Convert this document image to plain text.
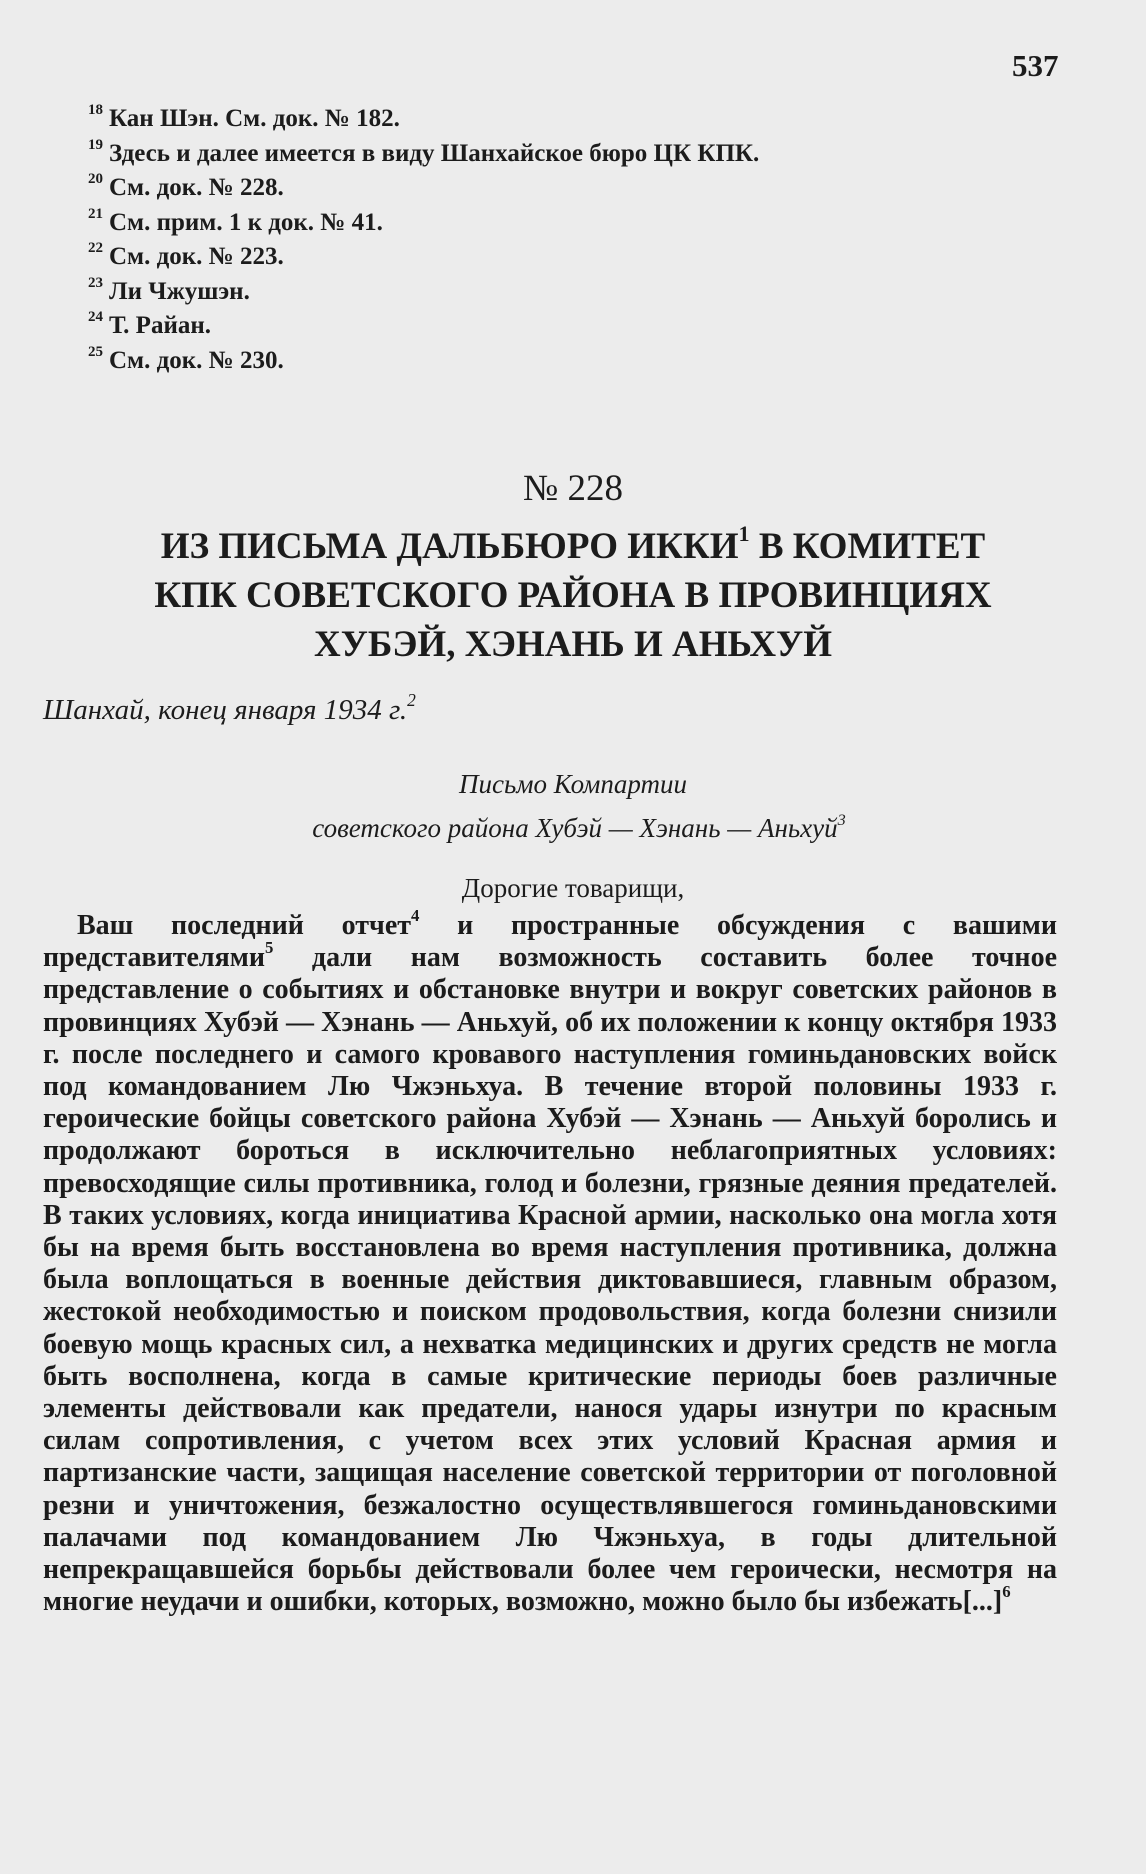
537
$^{18}$ Кан Шэн. См. док. № 182.
$^{19}$ Здесь и далее имеется в виду Шанхайское бюро ЦК КПК.
$^{20}$ См. док. № 228.
$^{21}$ См. прим. 1 к док. № 41.
$^{22}$ См. док. № 223.
$^{23}$ Ли Чжушэн.
$^{24}$ Т. Райан.
$^{25}$ См. док. № 230.
№ 228
ИЗ ПИСЬМА ДАЛЬБЮРО ИККИ$^1$ В КОМИТЕТ
КПК СОВЕТСКОГО РАЙОНА В ПРОВИНЦИЯХ
ХУБЭЙ, ХЭНАНЬ И АНЬХУЙ
Шанхай, конец января 1934 г.$^2$
Письмо Компартии
советского района Хубэй — Хэнань — Аньхуй$^3$
Дорогие товарищи,

Ваш последний отчет$^4$ и пространные обсуждения с вашими представителями$^5$ дали нам возможность составить более точное представление о событиях и обстановке внутри и вокруг советских районов в провинциях Хубэй — Хэнань — Аньхуй, об их положении к концу октября 1933 г. после последнего и самого кровавого наступления гоминьдановских войск под командованием Лю Чжэньхуа. В течение второй половины 1933 г. героические бойцы советского района Хубэй — Хэнань — Аньхуй боролись и продолжают бороться в исключительно неблагоприятных условиях: превосходящие силы противника, голод и болезни, грязные деяния предателей. В таких условиях, когда инициатива Красной армии, насколько она могла хотя бы на время быть восстановлена во время наступления противника, должна была воплощаться в военные действия диктовавшиеся, главным образом, жестокой необходимостью и поиском продовольствия, когда болезни снизили боевую мощь красных сил, а нехватка медицинских и других средств не могла быть восполнена, когда в самые критические периоды боев различные элементы действовали как предатели, нанося удары изнутри по красным силам сопротивления, с учетом всех этих условий Красная армия и партизанские части, защищая население советской территории от поголовной резни и уничтожения, безжалостно осуществлявшегося гоминьдановскими палачами под командованием Лю Чжэньхуа, в годы длительной непрекращавшейся борьбы действовали более чем героически, несмотря на многие неудачи и ошибки, которых, возможно, можно было бы избежать[...]$^6$
